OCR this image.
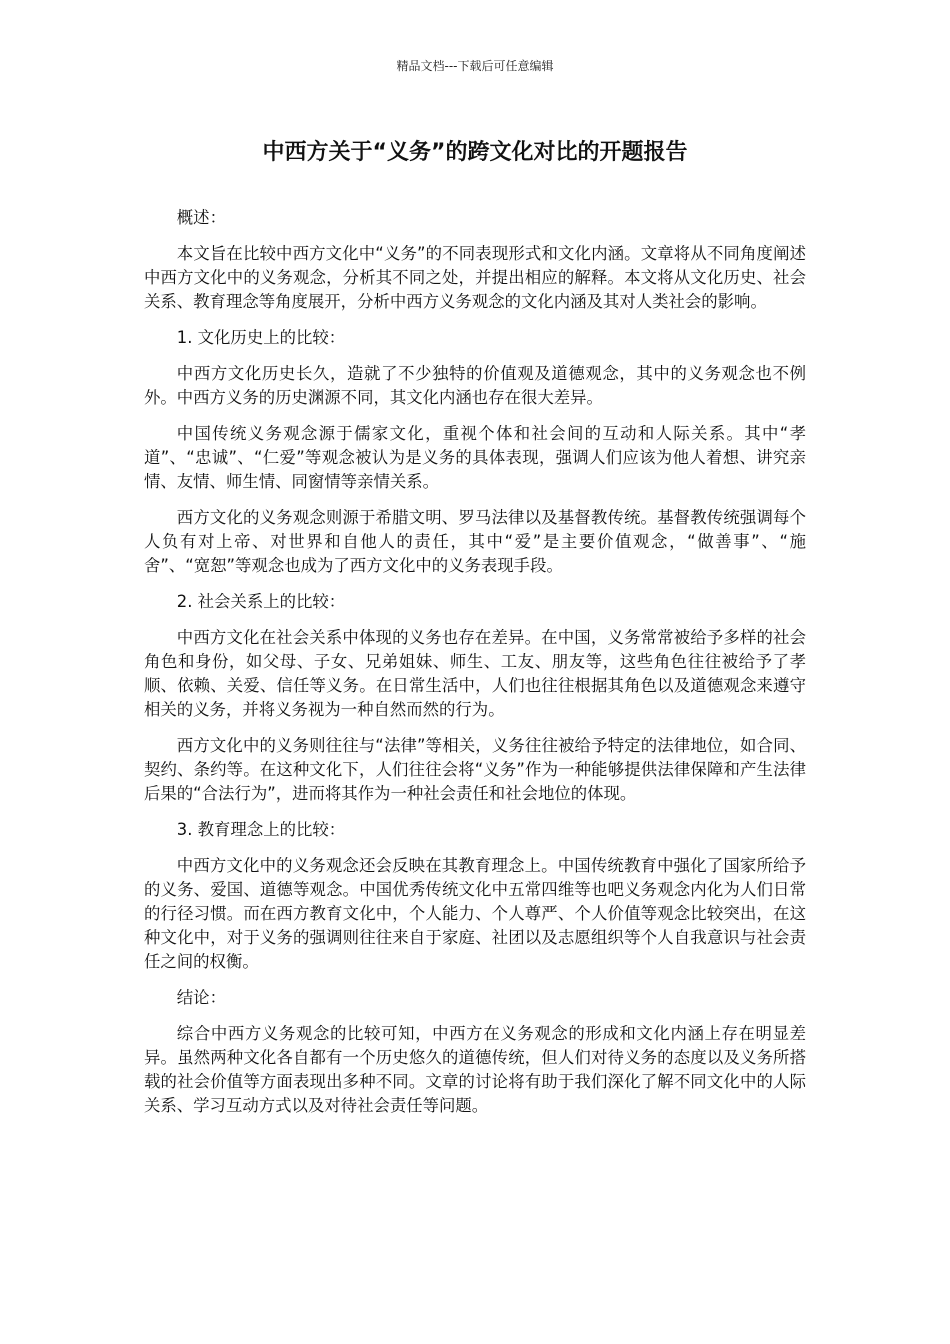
精品文档---下载后可任意编辑
中西方关于“义务”的跨文化对比的开题报告

概述：

本文旨在比较中西方文化中“义务”的不同表现形式和文化内涵。文章将从不同角度阐述中西方文化中的义务观念，分析其不同之处，并提出相应的解释。本文将从文化历史、社会关系、教育理念等角度展开，分析中西方义务观念的文化内涵及其对人类社会的影响。

1. 文化历史上的比较：

中西方文化历史长久，造就了不少独特的价值观及道德观念，其中的义务观念也不例外。中西方义务的历史渊源不同，其文化内涵也存在很大差异。

中国传统义务观念源于儒家文化，重视个体和社会间的互动和人际关系。其中“孝道”、“忠诚”、“仁爱”等观念被认为是义务的具体表现，强调人们应该为他人着想、讲究亲情、友情、师生情、同窗情等亲情关系。

西方文化的义务观念则源于希腊文明、罗马法律以及基督教传统。基督教传统强调每个人负有对上帝、对世界和自他人的责任，其中“爱”是主要价值观念，“做善事”、“施舍”、“宽恕”等观念也成为了西方文化中的义务表现手段。

2. 社会关系上的比较：

中西方文化在社会关系中体现的义务也存在差异。在中国，义务常常被给予多样的社会角色和身份，如父母、子女、兄弟姐妹、师生、工友、朋友等，这些角色往往被给予了孝顺、依赖、关爱、信任等义务。在日常生活中，人们也往往根据其角色以及道德观念来遵守相关的义务，并将义务视为一种自然而然的行为。

西方文化中的义务则往往与“法律”等相关，义务往往被给予特定的法律地位，如合同、契约、条约等。在这种文化下，人们往往会将“义务”作为一种能够提供法律保障和产生法律后果的“合法行为”，进而将其作为一种社会责任和社会地位的体现。

3. 教育理念上的比较：

中西方文化中的义务观念还会反映在其教育理念上。中国传统教育中强化了国家所给予的义务、爱国、道德等观念。中国优秀传统文化中五常四维等也吧义务观念内化为人们日常的行径习惯。而在西方教育文化中，个人能力、个人尊严、个人价值等观念比较突出，在这种文化中，对于义务的强调则往往来自于家庭、社团以及志愿组织等个人自我意识与社会责任之间的权衡。

结论：

综合中西方义务观念的比较可知，中西方在义务观念的形成和文化内涵上存在明显差异。虽然两种文化各自都有一个历史悠久的道德传统，但人们对待义务的态度以及义务所搭载的社会价值等方面表现出多种不同。文章的讨论将有助于我们深化了解不同文化中的人际关系、学习互动方式以及对待社会责任等问题。
